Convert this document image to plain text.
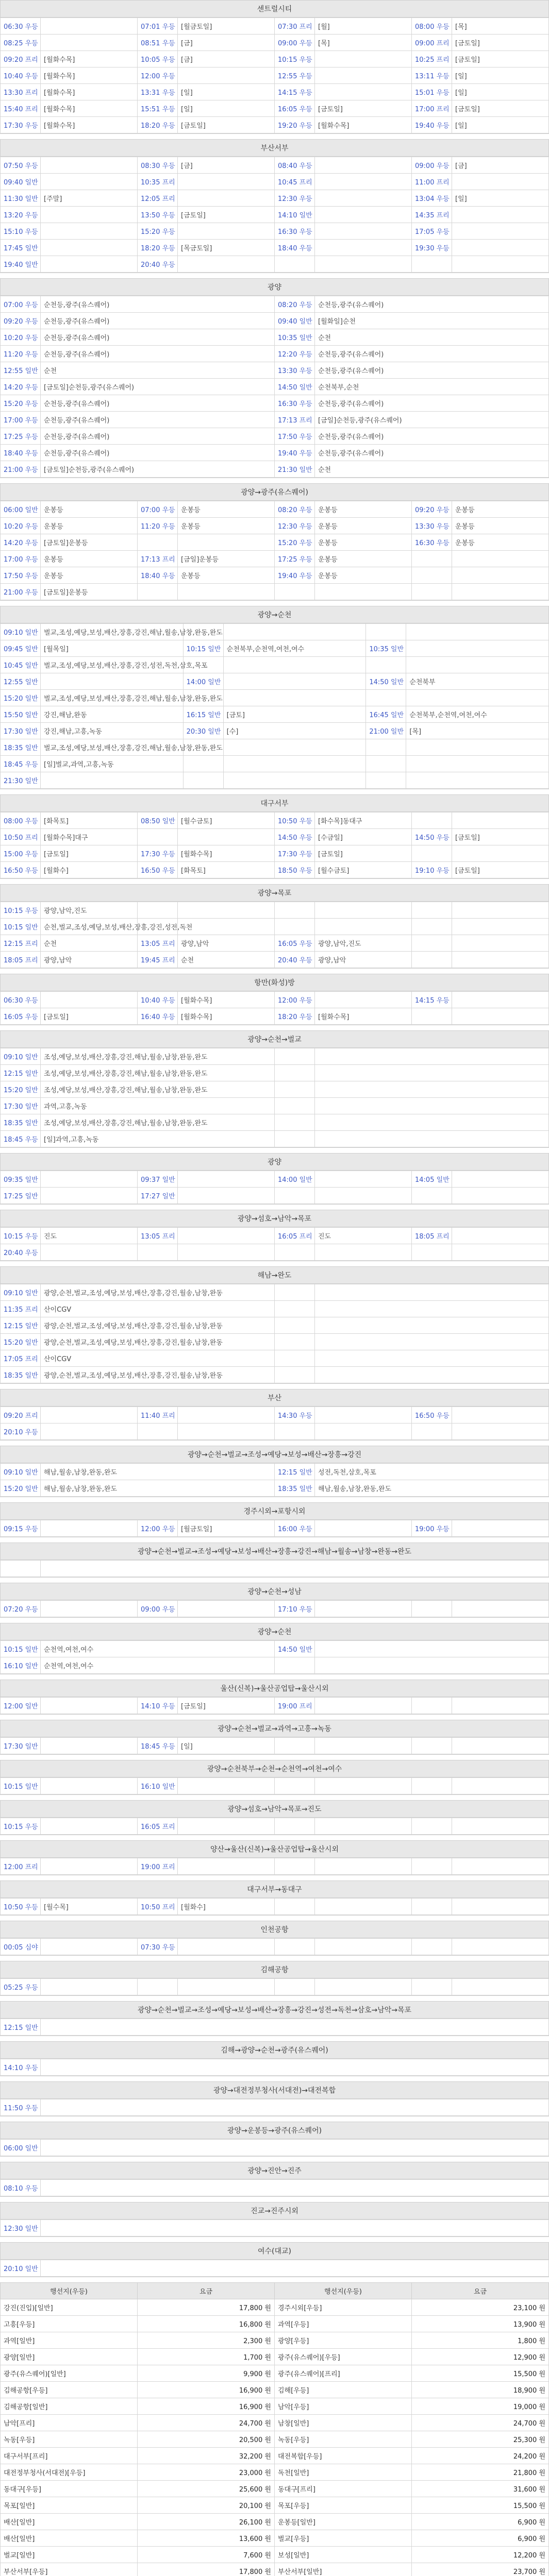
센트럴시티
06:30 우등		07:01 우등	[월금토일]	07:30 프리	[월]	08:00 우등	[목]
08:25 우등		08:51 우등	[금]	09:00 우등	[목]	09:00 프리	[금토일]
09:20 프리	[월화수목]	10:05 우등	[금]	10:15 우등		10:25 프리	[금토일]
10:40 우등	[월화수목]	12:00 우등		12:55 우등		13:11 우등	[일]
13:30 프리	[월화수목]	13:31 우등	[일]	14:15 우등		15:01 우등	[일]
15:40 프리	[월화수목]	15:51 우등	[일]	16:05 우등	[금토일]	17:00 프리	[금토일]
17:30 우등	[월화수목]	18:20 우등	[금토일]	19:20 우등	[월화수목]	19:40 우등	[일]
부산서부
07:50 우등		08:30 우등	[금]	08:40 우등		09:00 우등	[금]
09:40 일반		10:35 프리		10:45 프리		11:00 프리	
11:30 일반	[주말]	12:05 프리		12:30 우등		13:04 우등	[일]
13:20 우등		13:50 우등	[금토일]	14:10 일반		14:35 프리	
15:10 우등		15:20 우등		16:30 우등		17:05 우등	
17:45 일반		18:20 우등	[목금토일]	18:40 우등		19:30 우등	
19:40 일반		20:40 우등					
광양
07:00 우등	순천등,광주(유스퀘어)	08:20 우등	순천등,광주(유스퀘어)
09:20 우등	순천등,광주(유스퀘어)	09:40 일반	[월화일]순천
10:20 우등	순천등,광주(유스퀘어)	10:35 일반	순천
11:20 우등	순천등,광주(유스퀘어)	12:20 우등	순천등,광주(유스퀘어)
12:55 일반	순천	13:30 우등	순천등,광주(유스퀘어)
14:20 우등	[금토일]순천등,광주(유스퀘어)	14:50 일반	순천북부,순천
15:20 우등	순천등,광주(유스퀘어)	16:30 우등	순천등,광주(유스퀘어)
17:00 우등	순천등,광주(유스퀘어)	17:13 프리	[금일]순천등,광주(유스퀘어)
17:25 우등	순천등,광주(유스퀘어)	17:50 우등	순천등,광주(유스퀘어)
18:40 우등	순천등,광주(유스퀘어)	19:40 우등	순천등,광주(유스퀘어)
21:00 우등	[금토일]순천등,광주(유스퀘어)	21:30 일반	순천
광양→광주(유스퀘어)
06:00 일반	운봉등	07:00 우등	운봉등	08:20 우등	운봉등	09:20 우등	운봉등
10:20 우등	운봉등	11:20 우등	운봉등	12:30 우등	운봉등	13:30 우등	운봉등
14:20 우등	[금토일]운봉등			15:20 우등	운봉등	16:30 우등	운봉등
17:00 우등	운봉등	17:13 프리	[금일]운봉등	17:25 우등	운봉등		
17:50 우등	운봉등	18:40 우등	운봉등	19:40 우등	운봉등		
21:00 우등	[금토일]운봉등						
광양→순천
09:10 일반	벌교,조성,예당,보성,배산,장흥,강진,해남,월송,남창,완동,완도				
09:45 일반	[월목일]	10:15 일반	순천북부,순천역,여천,여수	10:35 일반	
10:45 일반	벌교,조성,예당,보성,배산,장흥,강진,성전,독천,삼호,목포				
12:55 일반		14:00 일반		14:50 일반	순천북부
15:20 일반	벌교,조성,예당,보성,배산,장흥,강진,해남,월송,남창,완동,완도				
15:50 일반	강진,해남,완동	16:15 일반	[금토]	16:45 일반	순천북부,순천역,여천,여수
17:30 일반	강진,해남,고흥,녹동	20:30 일반	[수]	21:00 일반	[목]
18:35 일반	벌교,조성,예당,보성,배산,장흥,강진,해남,월송,남창,완동,완도				
18:45 우등	[일]벌교,과역,고흥,녹동				
21:30 일반					
대구서부
08:00 우등	[화목토]	08:50 일반	[월수금토]	10:50 우등	[화수목]동대구		
10:50 프리	[월화수목]대구			14:50 우등	[수금일]	14:50 우등	[금토일]
15:00 우등	[금토일]	17:30 우등	[월화수목]	17:30 우등	[금토일]		
16:50 우등	[월화수]	16:50 우등	[화목토]	18:50 우등	[월수금토]	19:10 우등	[금토일]
광양→목포
10:15 우등	광양,남악,진도						
10:15 일반	순천,벌교,조성,예당,보성,배산,장흥,강진,성전,독천						
12:15 프리	순천	13:05 프리	광양,남악	16:05 우등	광양,남악,진도		
18:05 프리	광양,남악	19:45 프리	순천	20:40 우등	광양,남악		
항만(화성)방
06:30 우등		10:40 우등	[월화수목]	12:00 우등		14:15 우등	
16:05 우등	[금토일]	16:40 우등	[월화수목]	18:20 우등	[월화수목]		
광양→순천→벌교
09:10 일반	조성,예당,보성,배산,장흥,강진,해남,월송,남창,완동,완도		
12:15 일반	조성,예당,보성,배산,장흥,강진,해남,월송,남창,완동,완도		
15:20 일반	조성,예당,보성,배산,장흥,강진,해남,월송,남창,완동,완도		
17:30 일반	과역,고흥,녹동		
18:35 일반	조성,예당,보성,배산,장흥,강진,해남,월송,남창,완동,완도		
18:45 우등	[일]과역,고흥,녹동		
광양
09:35 일반		09:37 일반		14:00 일반		14:05 일반	
17:25 일반		17:27 일반					
광양→섬호→남악→목포
10:15 우등	진도	13:05 프리		16:05 프리	진도	18:05 프리	
20:40 우등							
해남→완도
09:10 일반	광양,순천,벌교,조성,예당,보성,배산,장흥,강진,월송,남창,완동		
11:35 프리	산이CGV		
12:15 일반	광양,순천,벌교,조성,예당,보성,배산,장흥,강진,월송,남창,완동		
15:20 일반	광양,순천,벌교,조성,예당,보성,배산,장흥,강진,월송,남창,완동		
17:05 프리	산이CGV		
18:35 일반	광양,순천,벌교,조성,예당,보성,배산,장흥,강진,월송,남창,완동		
부산
09:20 프리		11:40 프리		14:30 우등		16:50 우등	
20:10 우등							
광양→순천→벌교→조성→예당→보성→배산→장흥→강진
09:10 일반	해남,월송,남창,완동,완도	12:15 일반	성전,독천,삼호,목포
15:20 일반	해남,월송,남창,완동,완도	18:35 일반	해남,월송,남창,완동,완도
경주시외→포항시외
09:15 우등		12:00 우등	[월금토일]	16:00 우등		19:00 우등	
광양→순천→벌교→조성→예당→보성→배산→장흥→강진→해남→월송→남창→완동→완도

광양→순천→성남
07:20 우등		09:00 우등		17:10 우등			
광양→순천
10:15 일반	순천역,여천,여수	14:50 일반	
16:10 일반	순천역,여천,여수		
울산(신복)→울산공업탑→울산시외
12:00 일반		14:10 우등	[금토일]	19:00 프리			
광양→순천→벌교→과역→고흥→녹동
17:30 일반		18:45 우등	[일]				
광양→순천북부→순천→순천역→여천→여수
10:15 일반		16:10 일반					
광양→섬호→남악→목포→진도
10:15 우등		16:05 프리					
양산→울산(신복)→울산공업탑→울산시외
12:00 프리		19:00 프리					
대구서부→동대구
10:50 우등	[월수목]	10:50 프리	[월화수]				
인천공항
00:05 심야		07:30 우등					
김해공항
05:25 우등							
광양→순천→벌교→조성→예당→보성→배산→장흥→강진→성전→독천→삼호→남악→목포
12:15 일반	
김해→광양→순천→광주(유스퀘어)
14:10 우등	
광양→대전정부청사(서대전)→대전복합
11:50 우등	
광양→운봉등→광주(유스퀘어)
06:00 일반	
광양→진안→진주
08:10 우등	
진교→진주시외
12:30 일반	
여수(대교)
20:10 일반	
행선지(우등)	요금	행선지(우등)	요금
강진(진입)[일반]	17,800 원	경주시외[우등]	23,100 원
고흥[우등]	16,800 원	과역[우등]	13,900 원
과역[일반]	2,300 원	광양[우등]	1,800 원
광양[일반]	1,700 원	광주(유스퀘어)[우등]	12,900 원
광주(유스퀘어)[일반]	9,900 원	광주(유스퀘어)[프리]	15,500 원
김해공항[우등]	16,900 원	김해[우등]	18,900 원
김해공항[일반]	16,900 원	남악[우등]	19,000 원
남악[프리]	24,700 원	남창[일반]	24,700 원
녹동[우등]	20,500 원	녹동[우등]	25,300 원
대구서부[프리]	32,200 원	대전복합[우등]	24,200 원
대전정부청사(서대전)[우등]	23,000 원	독천[일반]	21,800 원
동대구[우등]	25,600 원	동대구[프리]	31,600 원
목포[일반]	20,100 원	목포[우등]	15,500 원
배산[일반]	26,100 원	운봉등[일반]	6,900 원
배산[일반]	13,600 원	벌교[우등]	6,900 원
벌교[일반]	7,600 원	보성[일반]	12,200 원
부산서부[우등]	17,800 원	부산서부[일반]	23,700 원
